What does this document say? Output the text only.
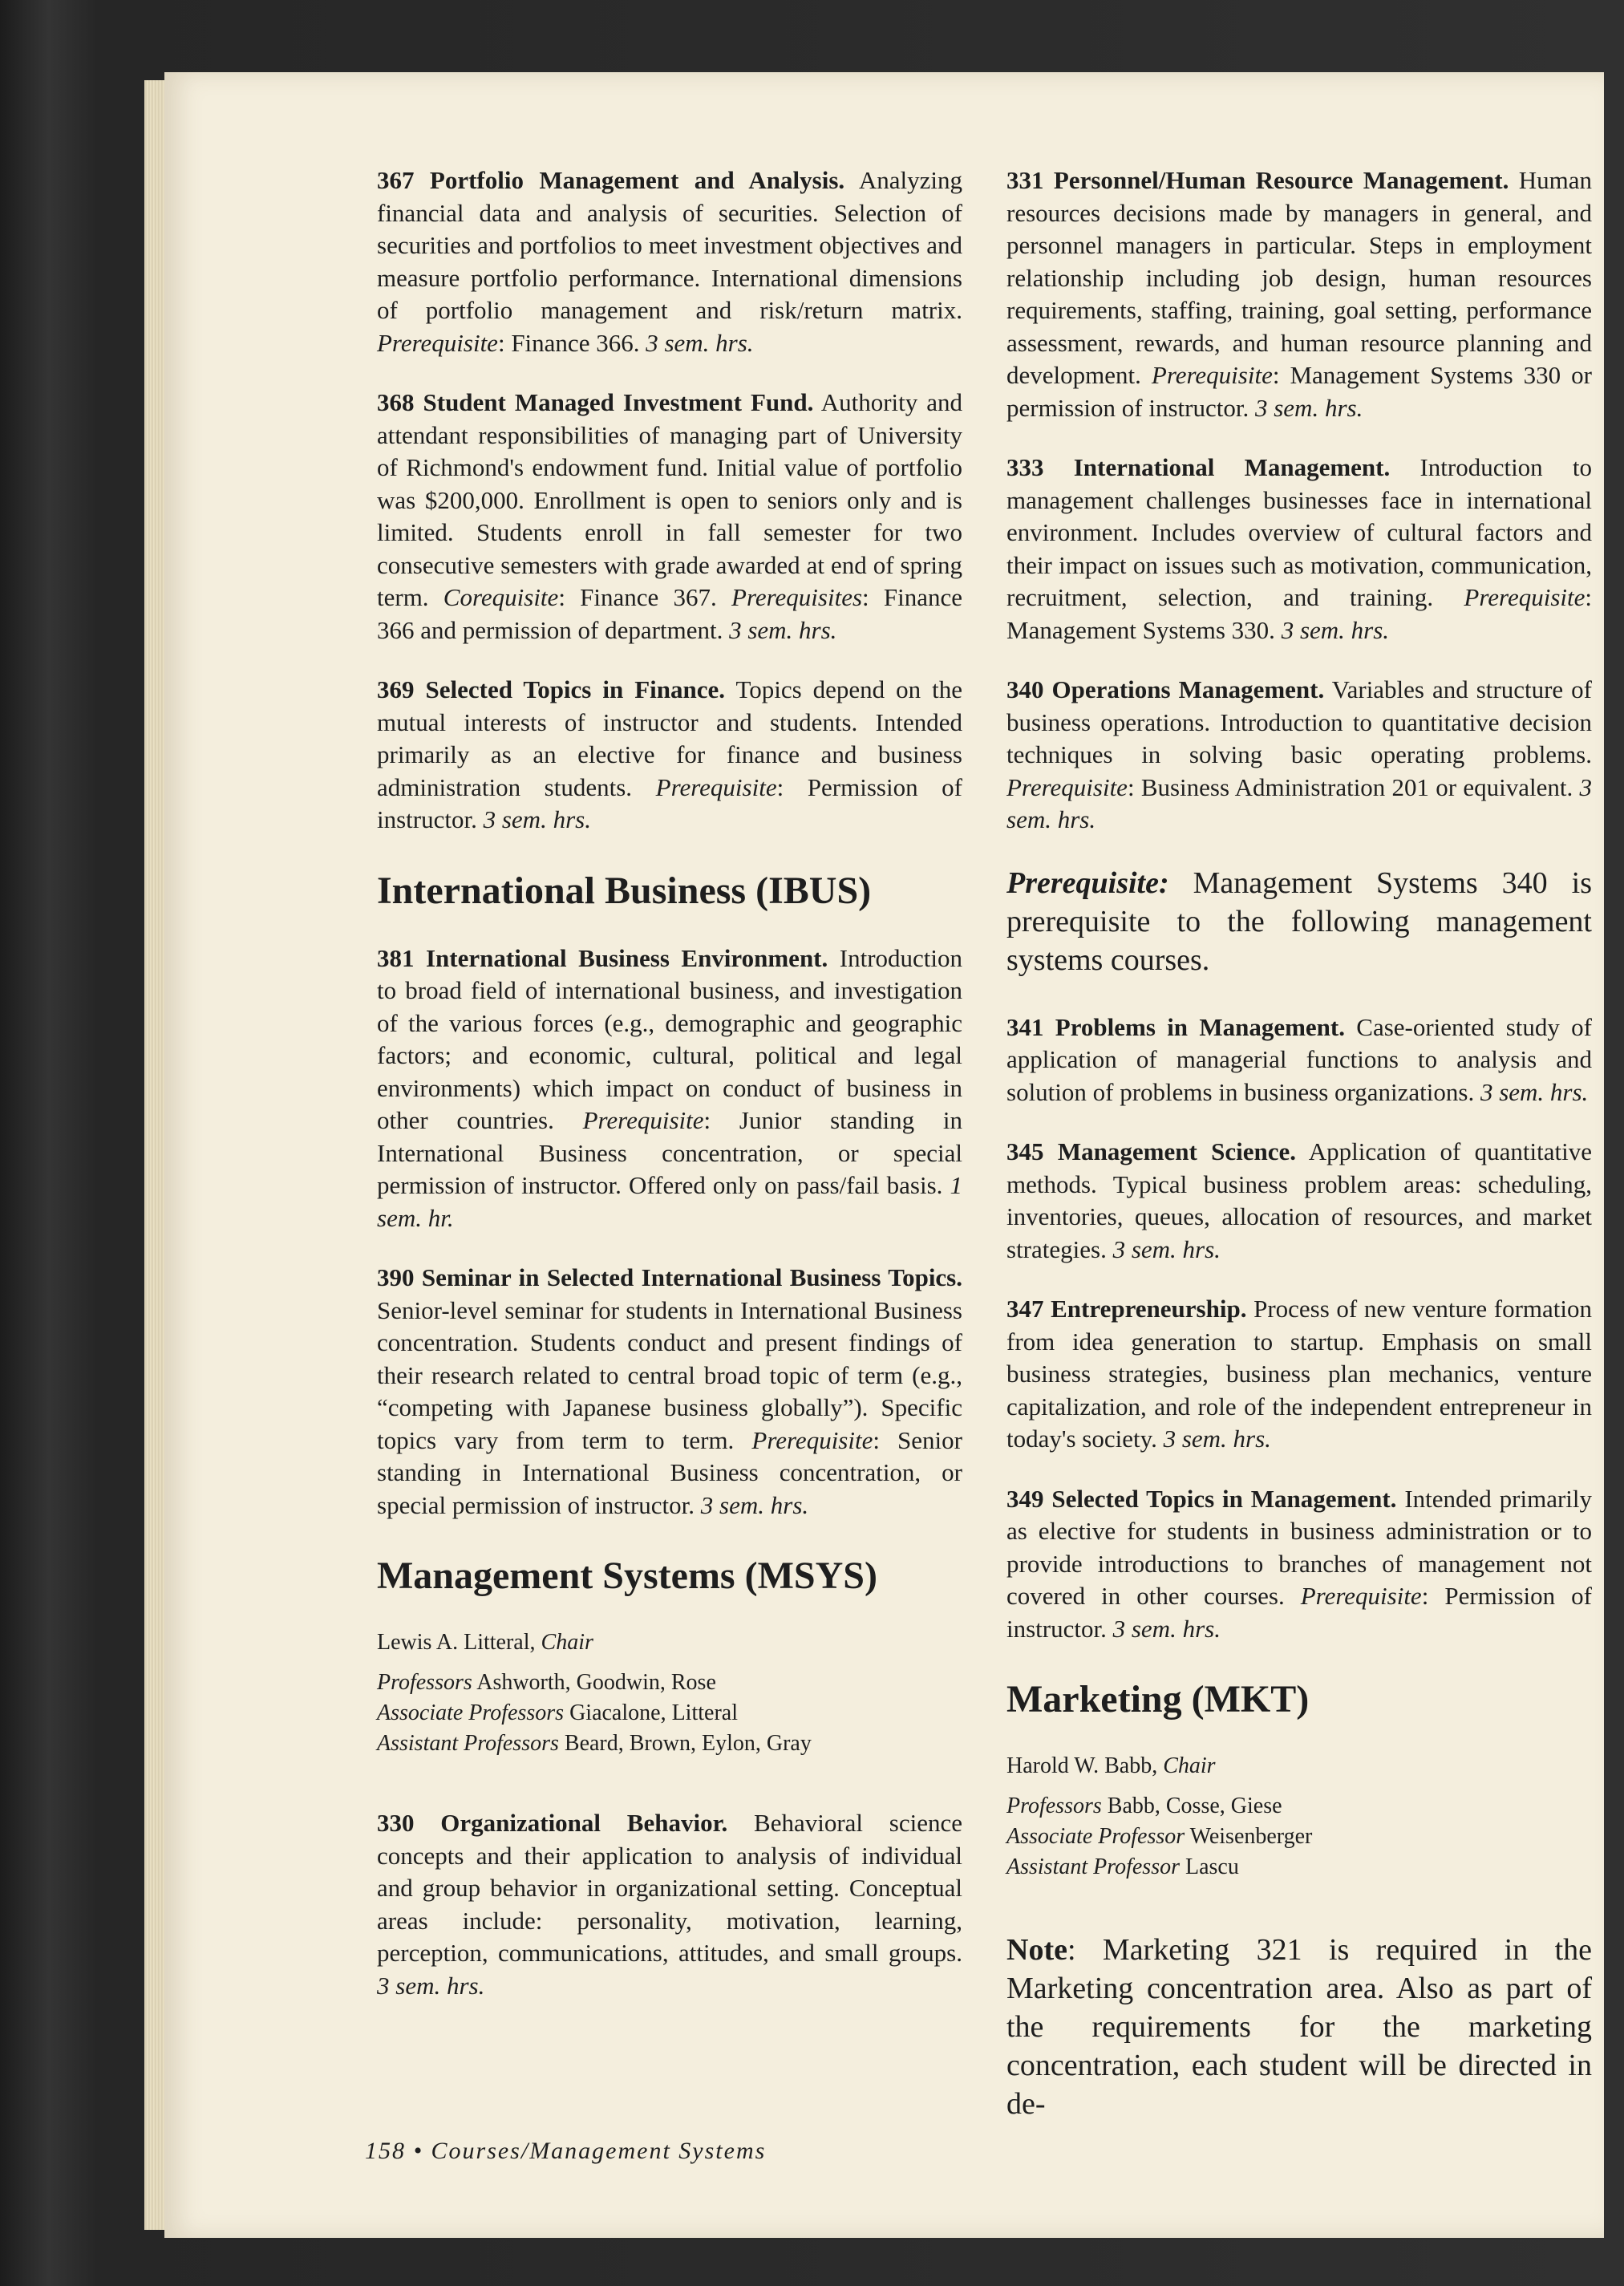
367 Portfolio Management and Analysis. Analyzing financial data and analysis of securities. Selection of securities and portfolios to meet investment objectives and measure portfolio performance. International dimensions of portfolio management and risk/return matrix. Prerequisite: Finance 366. 3 sem. hrs.

368 Student Managed Investment Fund. Authority and attendant responsibilities of managing part of University of Richmond's endowment fund. Initial value of portfolio was $200,000. Enrollment is open to seniors only and is limited. Students enroll in fall semester for two consecutive semesters with grade awarded at end of spring term. Corequisite: Finance 367. Prerequisites: Finance 366 and permission of department. 3 sem. hrs.

369 Selected Topics in Finance. Topics depend on the mutual interests of instructor and students. Intended primarily as an elective for finance and business administration students. Prerequisite: Permission of instructor. 3 sem. hrs.

International Business (IBUS)

381 International Business Environment. Introduction to broad field of international business, and investigation of the various forces (e.g., demographic and geographic factors; and economic, cultural, political and legal environments) which impact on conduct of business in other countries. Prerequisite: Junior standing in International Business concentration, or special permission of instructor. Offered only on pass/fail basis. 1 sem. hr.

390 Seminar in Selected International Business Topics. Senior-level seminar for students in International Business concentration. Students conduct and present findings of their research related to central broad topic of term (e.g., “competing with Japanese business globally”). Specific topics vary from term to term. Prerequisite: Senior standing in International Business concentration, or special permission of instructor. 3 sem. hrs.

Management Systems (MSYS)

Lewis A. Litteral, Chair

Professors Ashworth, Goodwin, Rose

Associate Professors Giacalone, Litteral

Assistant Professors Beard, Brown, Eylon, Gray

330 Organizational Behavior. Behavioral science concepts and their application to analysis of individual and group behavior in organizational setting. Conceptual areas include: personality, motivation, learning, perception, communications, attitudes, and small groups. 3 sem. hrs.

331 Personnel/Human Resource Management. Human resources decisions made by managers in general, and personnel managers in particular. Steps in employment relationship including job design, human resources requirements, staffing, training, goal setting, performance assessment, rewards, and human resource planning and development. Prerequisite: Management Systems 330 or permission of instructor. 3 sem. hrs.

333 International Management. Introduction to management challenges businesses face in international environment. Includes overview of cultural factors and their impact on issues such as motivation, communication, recruitment, selection, and training. Prerequisite: Management Systems 330. 3 sem. hrs.

340 Operations Management. Variables and structure of business operations. Introduction to quantitative decision techniques in solving basic operating problems. Prerequisite: Business Administration 201 or equivalent. 3 sem. hrs.

Prerequisite: Management Systems 340 is prerequisite to the following management systems courses.

341 Problems in Management. Case-oriented study of application of managerial functions to analysis and solution of problems in business organizations. 3 sem. hrs.

345 Management Science. Application of quantitative methods. Typical business problem areas: scheduling, inventories, queues, allocation of resources, and market strategies. 3 sem. hrs.

347 Entrepreneurship. Process of new venture formation from idea generation to startup. Emphasis on small business strategies, business plan mechanics, venture capitalization, and role of the independent entrepreneur in today's society. 3 sem. hrs.

349 Selected Topics in Management. Intended primarily as elective for students in business administration or to provide introductions to branches of management not covered in other courses. Prerequisite: Permission of instructor. 3 sem. hrs.

Marketing (MKT)

Harold W. Babb, Chair

Professors Babb, Cosse, Giese

Associate Professor Weisenberger

Assistant Professor Lascu

Note: Marketing 321 is required in the Marketing concentration area. Also as part of the requirements for the marketing concentration, each student will be directed in de-

158 • Courses/Management Systems
